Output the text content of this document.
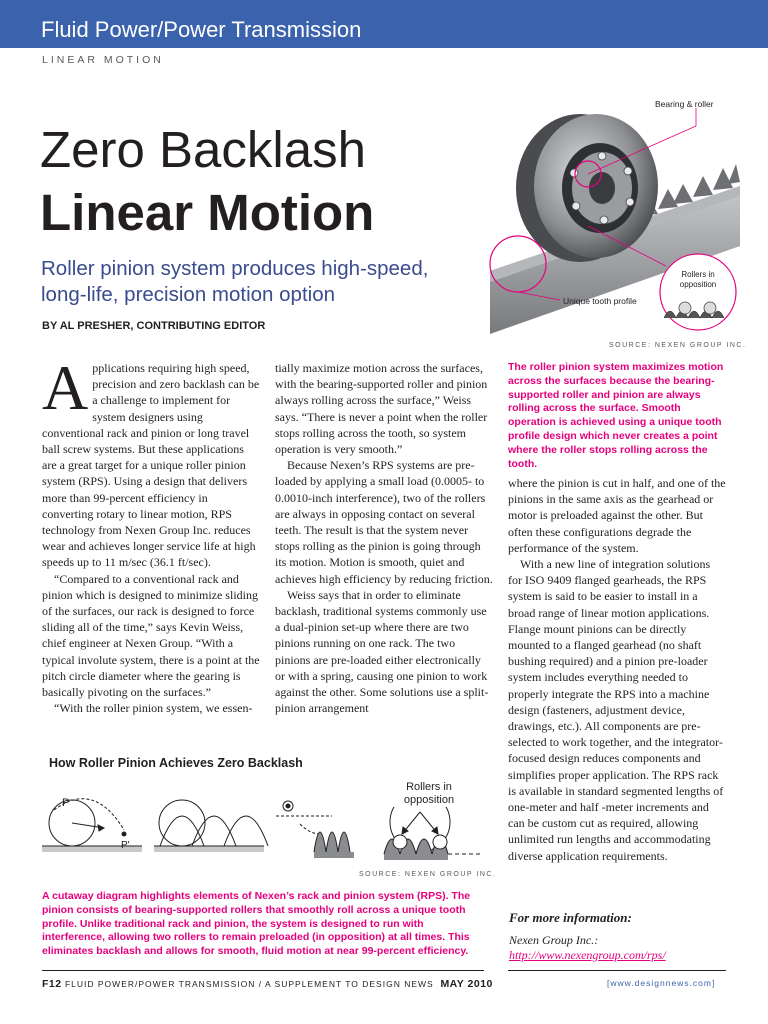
Fluid Power/Power Transmission
LINEAR MOTION
Zero Backlash
Linear Motion
Roller pinion system produces high-speed,
long-life, precision motion option
BY AL PRESHER, CONTRIBUTING EDITOR
Bearing & roller
Rollers in
opposition
Unique tooth profile
SOURCE: NEXEN GROUP INC.
The roller pinion system maximizes motion across the surfaces because the bearing-supported roller and pinion are always rolling across the surface. Smooth operation is achieved using a unique tooth profile design which never creates a point where the roller stops rolling across the tooth.

Applications requiring high speed, precision and zero backlash can be a challenge to implement for system designers using conventional rack and pinion or long travel ball screw systems. But these applications are a great target for a unique roller pinion system (RPS). Using a design that delivers more than 99-percent efficiency in converting rotary to linear motion, RPS technology from Nexen Group Inc. reduces wear and achieves longer service life at high speeds up to 11 m/sec (36.1 ft/sec).

“Compared to a conventional rack and pinion which is designed to minimize sliding of the surfaces, our rack is designed to force sliding all of the time,” says Kevin Weiss, chief engineer at Nexen Group. “With a typical involute system, there is a point at the pitch circle diameter where the gearing is basically pivoting on the surfaces.”

“With the roller pinion system, we essen-

tially maximize motion across the surfaces, with the bearing-supported roller and pinion always rolling across the surface,” Weiss says. “There is never a point when the roller stops rolling across the tooth, so system operation is very smooth.”

Because Nexen’s RPS systems are pre-loaded by applying a small load (0.0005- to 0.0010-inch interference), two of the rollers are always in opposing contact on several teeth. The result is that the system never stops rolling as the pinion is going through its motion. Motion is smooth, quiet and achieves high efficiency by reducing friction.

Weiss says that in order to eliminate backlash, traditional systems commonly use a dual-pinion set-up where there are two pinions running on one rack. The two pinions are pre-loaded either electronically or with a spring, causing one pinion to work against the other. Some solutions use a split-pinion arrangement

where the pinion is cut in half, and one of the pinions in the same axis as the gearhead or motor is preloaded against the other. But often these configurations degrade the performance of the system.

With a new line of integration solutions for ISO 9409 flanged gearheads, the RPS system is said to be easier to install in a broad range of linear motion applications. Flange mount pinions can be directly mounted to a flanged gearhead (no shaft bushing required) and a pinion pre-loader system includes everything needed to properly integrate the RPS into a machine design (fasteners, adjustment device, drawings, etc.). All components are pre-selected to work together, and the integrator-focused design reduces components and simplifies proper application. The RPS rack is available in standard segmented lengths of one-meter and half -meter increments and can be custom cut as required, allowing unlimited run lengths and accommodating diverse application requirements.

How Roller Pinion Achieves Zero Backlash
P
P'
Rollers in
opposition
SOURCE: NEXEN GROUP INC.
A cutaway diagram highlights elements of Nexen’s rack and pinion system (RPS). The pinion consists of bearing-supported rollers that smoothly roll across a unique tooth profile. Unlike traditional rack and pinion, the system is designed to run with interference, allowing two rollers to remain preloaded (in opposition) at all times. This eliminates backlash and allows for smooth, fluid motion at near 99-percent efficiency.
For more information:
Nexen Group Inc.:
http://www.nexengroup.com/rps/
F12 FLUID POWER/POWER TRANSMISSION / A SUPPLEMENT TO DESIGN NEWS MAY 2010	[www.designnews.com]
